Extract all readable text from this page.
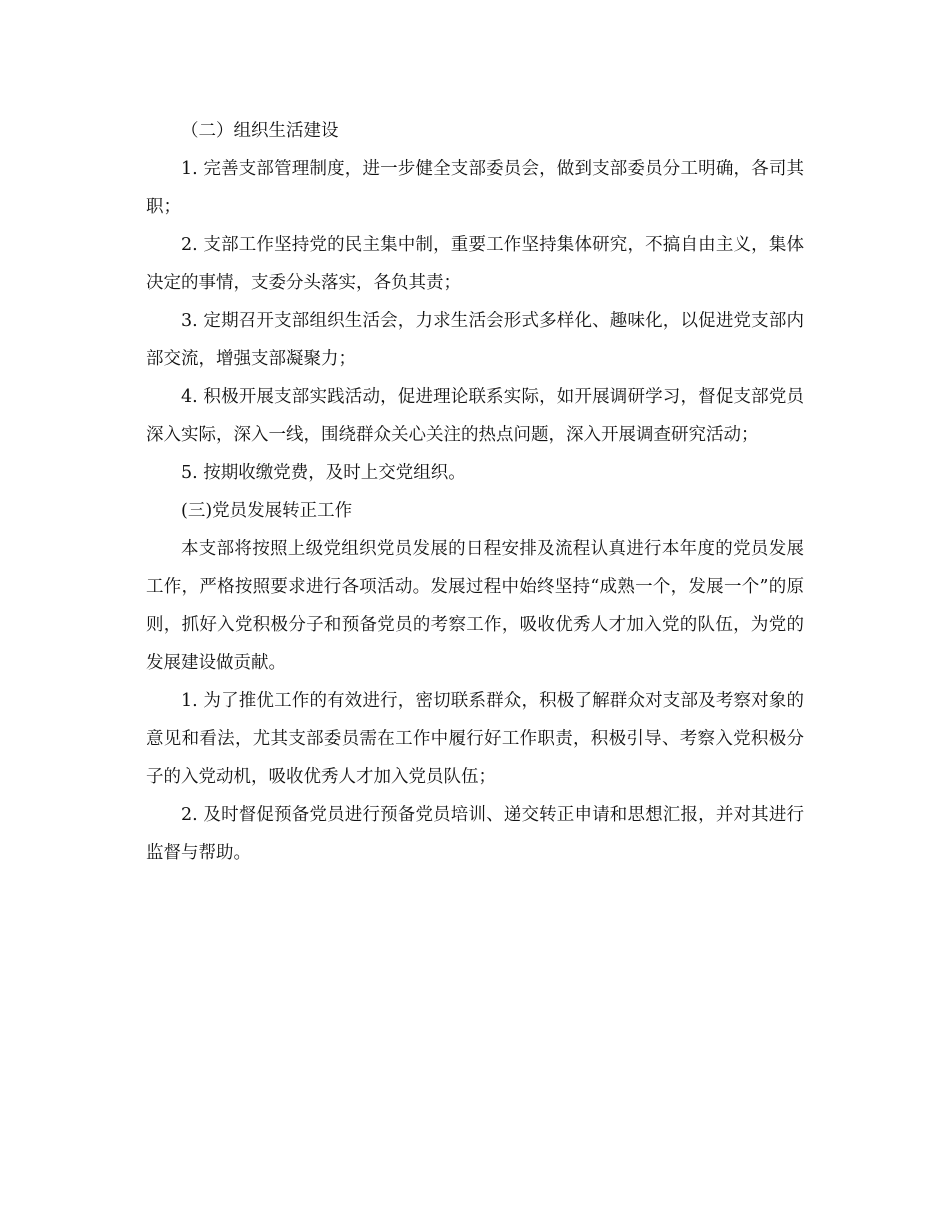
（二）组织生活建设

1. 完善支部管理制度，进一步健全支部委员会，做到支部委员分工明确，各司其职；

2. 支部工作坚持党的民主集中制，重要工作坚持集体研究，不搞自由主义，集体决定的事情，支委分头落实，各负其责；

3. 定期召开支部组织生活会，力求生活会形式多样化、趣味化，以促进党支部内部交流，增强支部凝聚力；

4. 积极开展支部实践活动，促进理论联系实际，如开展调研学习，督促支部党员深入实际，深入一线，围绕群众关心关注的热点问题，深入开展调查研究活动；

5. 按期收缴党费，及时上交党组织。

(三)党员发展转正工作

本支部将按照上级党组织党员发展的日程安排及流程认真进行本年度的党员发展工作，严格按照要求进行各项活动。发展过程中始终坚持“成熟一个，发展一个”的原则，抓好入党积极分子和预备党员的考察工作，吸收优秀人才加入党的队伍，为党的发展建设做贡献。

1. 为了推优工作的有效进行，密切联系群众，积极了解群众对支部及考察对象的意见和看法，尤其支部委员需在工作中履行好工作职责，积极引导、考察入党积极分子的入党动机，吸收优秀人才加入党员队伍；

2. 及时督促预备党员进行预备党员培训、递交转正申请和思想汇报，并对其进行监督与帮助。
